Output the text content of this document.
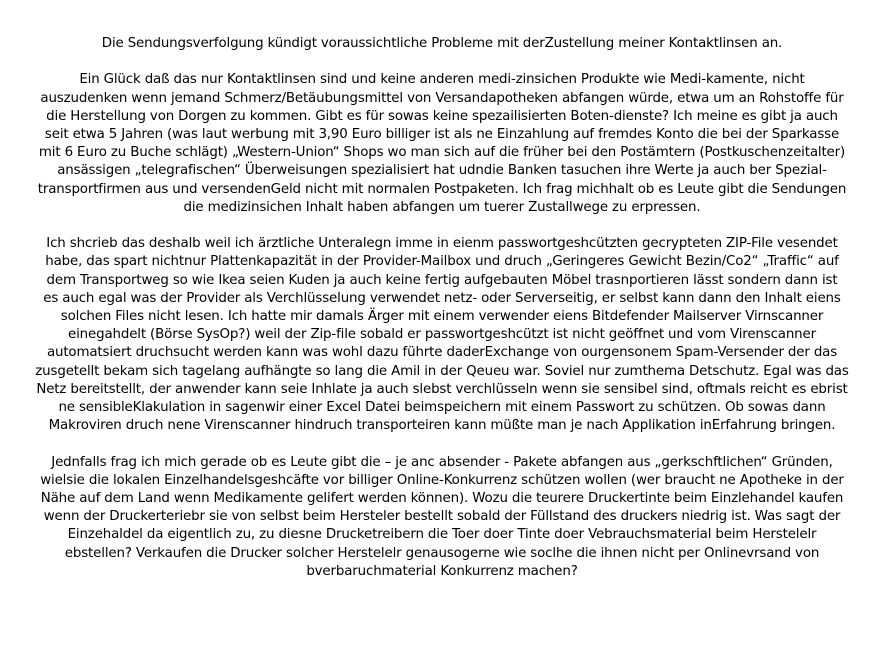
Die Sendungsverfolgung kündigt voraussichtliche Probleme mit derZustellung meiner Kontaktlinsen an.
Ein Glück daß das nur Kontaktlinsen sind und keine anderen medi-zinsichen Produkte wie Medi-kamente, nicht
auszudenken wenn jemand Schmerz/Betäubungsmittel von Versandapotheken abfangen würde, etwa um an Rohstoffe für
die Herstellung von Dorgen zu kommen. Gibt es für sowas keine spezailisierten Boten-dienste? Ich meine es gibt ja auch
seit etwa 5 Jahren (was laut werbung mit 3,90 Euro billiger ist als ne Einzahlung auf fremdes Konto die bei der Sparkasse
mit 6 Euro zu Buche schlägt) „Western-Union“ Shops wo man sich auf die früher bei den Postämtern (Postkuschenzeitalter)
ansässigen „telegrafischen“ Überweisungen spezialisiert hat udndie Banken tasuchen ihre Werte ja auch ber Spezial-
transportfirmen aus und versendenGeld nicht mit normalen Postpaketen. Ich frag michhalt ob es Leute gibt die Sendungen
die medizinsichen Inhalt haben abfangen um tuerer Zustallwege zu erpressen.
Ich shcrieb das deshalb weil ich ärztliche Unteralegn imme in eienm passwortgeshcützten gecrypteten ZIP-File vesendet
habe, das spart nichtnur Plattenkapazität in der Provider-Mailbox und druch „Geringeres Gewicht Bezin/Co2“ „Traffic“ auf
dem Transportweg so wie Ikea seien Kuden ja auch keine fertig aufgebauten Möbel trasnportieren lässt sondern dann ist
es auch egal was der Provider als Verchlüsselung verwendet netz- oder Serverseitig, er selbst kann dann den Inhalt eiens
solchen Files nicht lesen. Ich hatte mir damals Ärger mit einem verwender eiens Bitdefender Mailserver Virnscanner
einegahdelt (Börse SysOp?) weil der Zip-file sobald er passwortgeshcützt ist nicht geöffnet und vom Virenscanner
automatsiert druchsucht werden kann was wohl dazu führte daderExchange von ourgensonem Spam-Versender der das
zusgetellt bekam sich tagelang aufhängte so lang die Amil in der Qeueu war. Soviel nur zumthema Detschutz. Egal was das
Netz bereitstellt, der anwender kann seie Inhlate ja auch slebst verchlüsseln wenn sie sensibel sind, oftmals reicht es ebrist
ne sensibleKlakulation in sagenwir einer Excel Datei beimspeichern mit einem Passwort zu schützen. Ob sowas dann
Makroviren druch nene Virenscanner hindruch transporteiren kann müßte man je nach Applikation inErfahrung bringen.
Jednfalls frag ich mich gerade ob es Leute gibt die – je anc absender - Pakete abfangen aus „gerkschftlichen“ Gründen,
wielsie die lokalen Einzelhandelsgeshcäfte vor billiger Online-Konkurrenz schützen wollen (wer braucht ne Apotheke in der
Nähe auf dem Land wenn Medikamente gelifert werden können). Wozu die teurere Druckertinte beim Einzlehandel kaufen
wenn der Druckerteriebr sie von selbst beim Hersteler bestellt sobald der Füllstand des druckers niedrig ist. Was sagt der
Einzehaldel da eigentlich zu, zu diesne Drucketreibern die Toer doer Tinte doer Vebrauchsmaterial beim Herstelelr
ebstellen? Verkaufen die Drucker solcher Herstelelr genausogerne wie soclhe die ihnen nicht per Onlinevrsand von
bverbaruchmaterial Konkurrenz machen?
